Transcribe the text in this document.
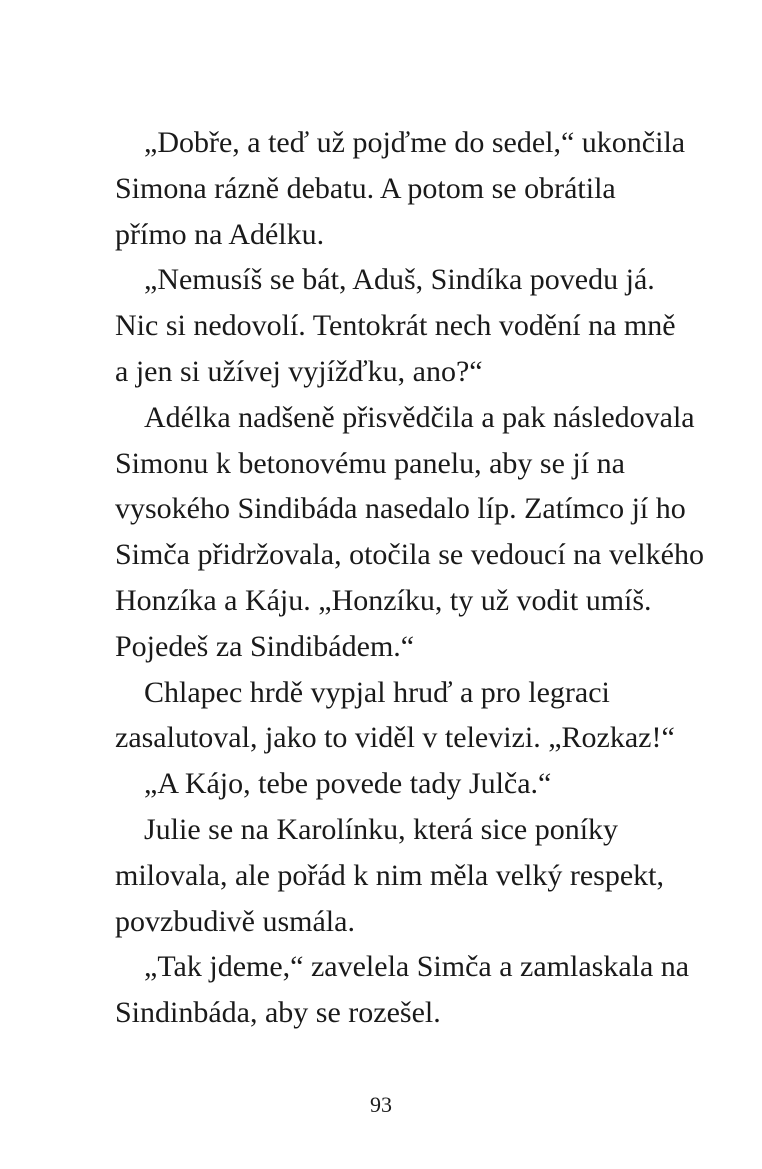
„Dobře, a teď už pojďme do sedel,“ ukončila
Simona rázně debatu. A potom se obrátila
přímo na Adélku.
„Nemusíš se bát, Aduš, Sindíka povedu já.
Nic si nedovolí. Tentokrát nech vodění na mně
a jen si užívej vyjížďku, ano?“
Adélka nadšeně přisvědčila a pak následovala
Simonu k betonovému panelu, aby se jí na
vysokého Sindibáda nasedalo líp. Zatímco jí ho
Simča přidržovala, otočila se vedoucí na velkého
Honzíka a Káju. „Honzíku, ty už vodit umíš.
Pojedeš za Sindibádem.“
Chlapec hrdě vypjal hruď a pro legraci
zasalutoval, jako to viděl v televizi. „Rozkaz!“
„A Kájo, tebe povede tady Julča.“
Julie se na Karolínku, která sice poníky
milovala, ale pořád k nim měla velký respekt,
povzbudivě usmála.
„Tak jdeme,“ zavelela Simča a zamlaskala na
Sindinbáda, aby se rozešel.
93
